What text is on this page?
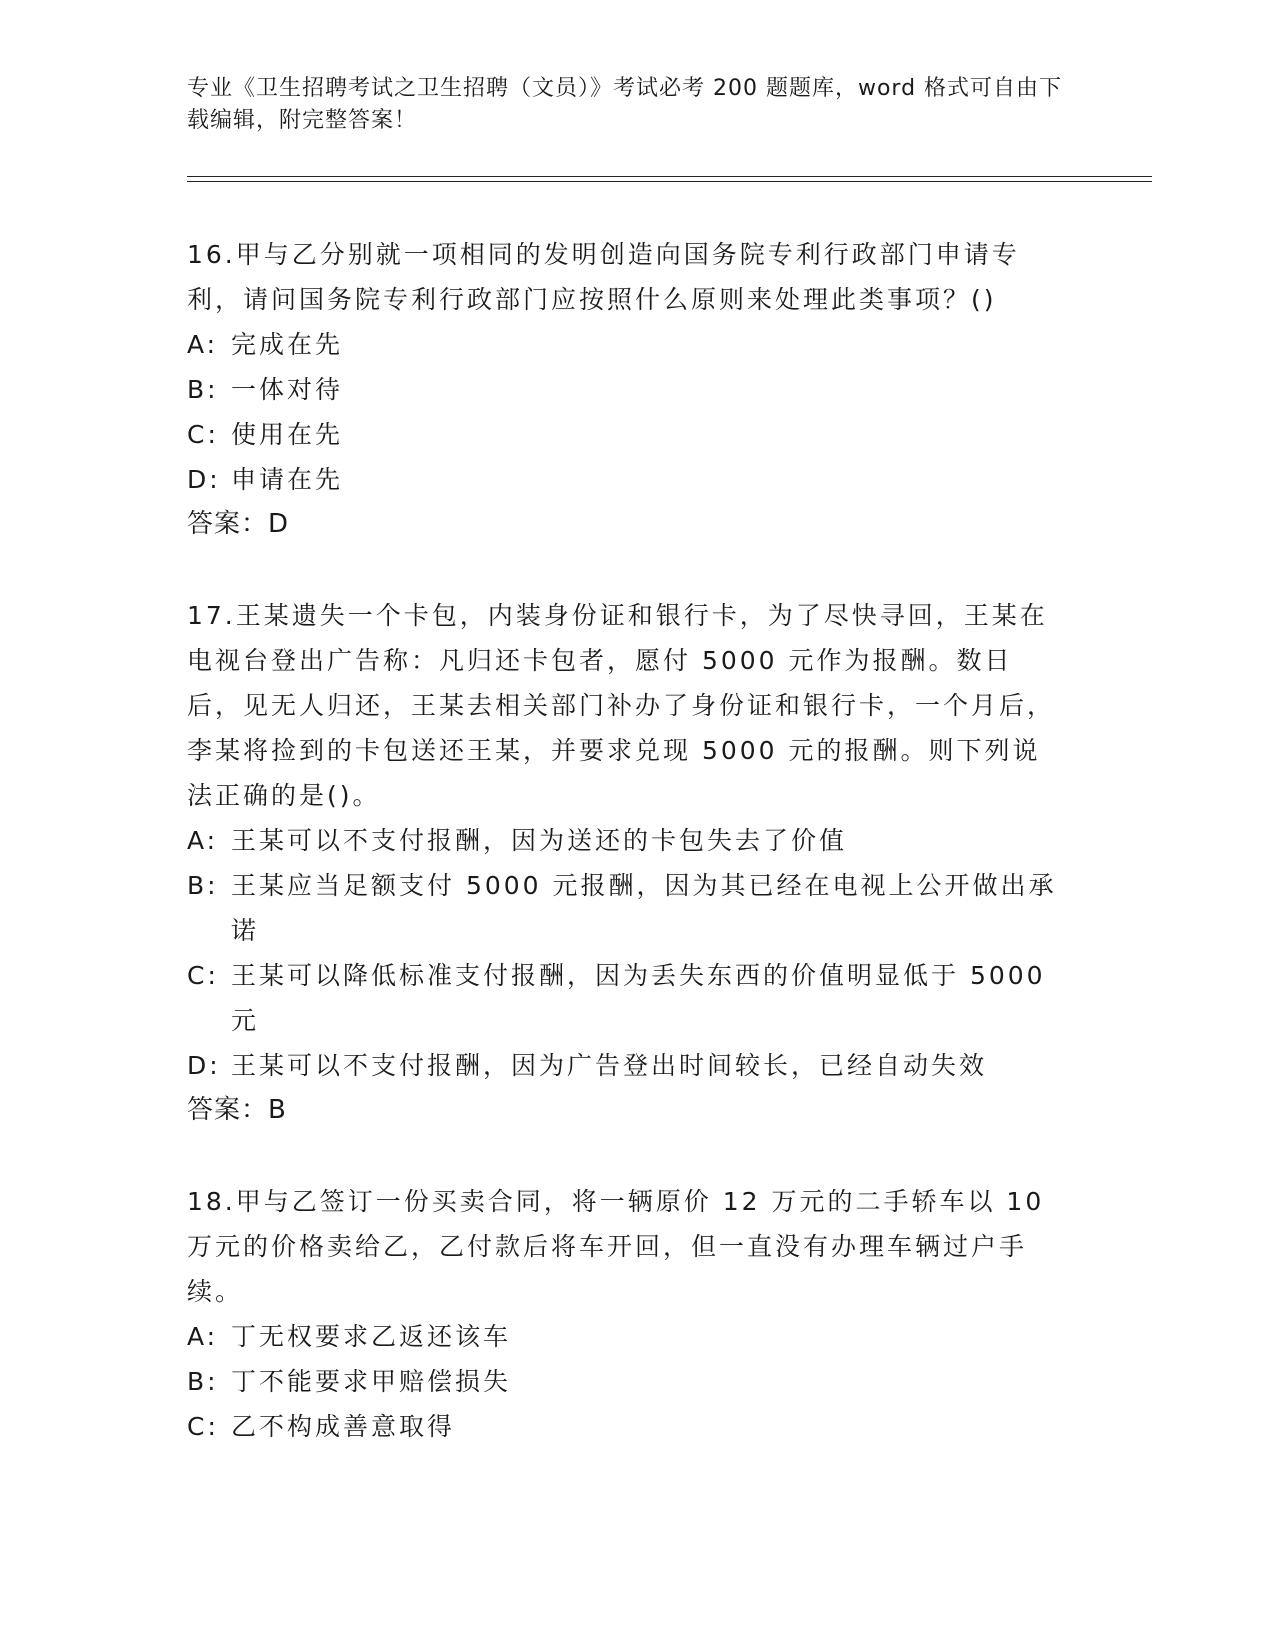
专业《卫生招聘考试之卫生招聘（文员）》考试必考 200 题题库，word 格式可自由下载编辑，附完整答案！
16.甲与乙分别就一项相同的发明创造向国务院专利行政部门申请专利，请问国务院专利行政部门应按照什么原则来处理此类事项？()
A: 完成在先
B: 一体对待
C: 使用在先
D: 申请在先
答案：D
17.王某遗失一个卡包，内装身份证和银行卡，为了尽快寻回，王某在电视台登出广告称：凡归还卡包者，愿付 5000 元作为报酬。数日后，见无人归还，王某去相关部门补办了身份证和银行卡，一个月后，李某将捡到的卡包送还王某，并要求兑现 5000 元的报酬。则下列说法正确的是()。
A: 王某可以不支付报酬，因为送还的卡包失去了价值
B: 王某应当足额支付 5000 元报酬，因为其已经在电视上公开做出承诺
C: 王某可以降低标准支付报酬，因为丢失东西的价值明显低于 5000 元
D: 王某可以不支付报酬，因为广告登出时间较长，已经自动失效
答案：B
18.甲与乙签订一份买卖合同，将一辆原价 12 万元的二手轿车以 10 万元的价格卖给乙，乙付款后将车开回，但一直没有办理车辆过户手续。
A: 丁无权要求乙返还该车
B: 丁不能要求甲赔偿损失
C: 乙不构成善意取得
